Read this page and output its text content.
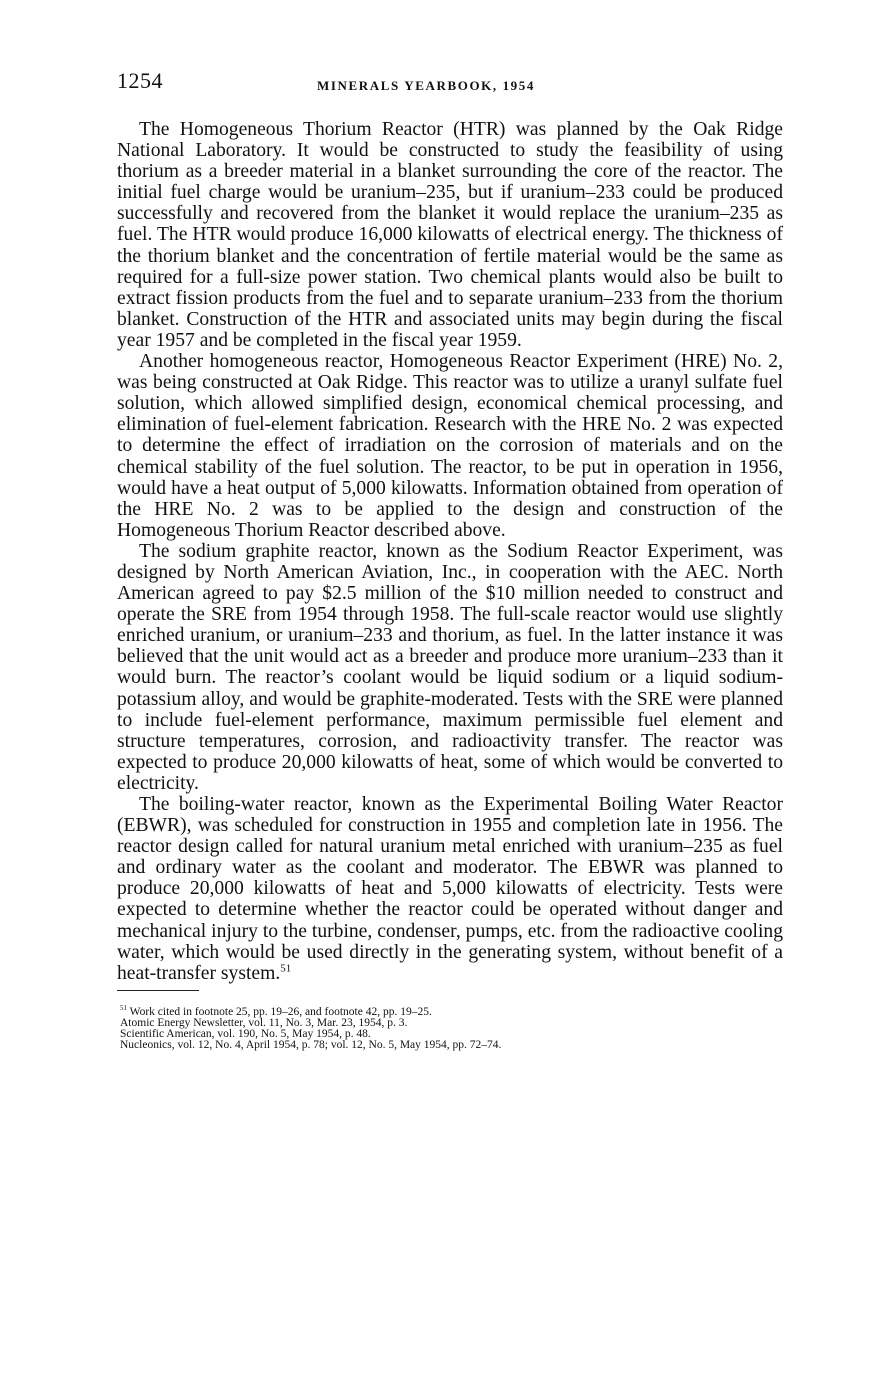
1254	MINERALS YEARBOOK, 1954

The Homogeneous Thorium Reactor (HTR) was planned by the Oak Ridge National Laboratory. It would be constructed to study the feasibility of using thorium as a breeder material in a blanket surrounding the core of the reactor. The initial fuel charge would be uranium–235, but if uranium–233 could be produced successfully and recovered from the blanket it would replace the uranium–235 as fuel. The HTR would produce 16,000 kilowatts of electrical energy. The thickness of the thorium blanket and the concentration of fertile material would be the same as required for a full-size power station. Two chemical plants would also be built to extract fission products from the fuel and to separate uranium–233 from the thorium blanket. Construction of the HTR and associated units may begin during the fiscal year 1957 and be completed in the fiscal year 1959.

Another homogeneous reactor, Homogeneous Reactor Experiment (HRE) No. 2, was being constructed at Oak Ridge. This reactor was to utilize a uranyl sulfate fuel solution, which allowed simplified design, economical chemical processing, and elimination of fuel-element fabrication. Research with the HRE No. 2 was expected to determine the effect of irradiation on the corrosion of materials and on the chemical stability of the fuel solution. The reactor, to be put in operation in 1956, would have a heat output of 5,000 kilowatts. Information obtained from operation of the HRE No. 2 was to be applied to the design and construction of the Homogeneous Thorium Reactor described above.

The sodium graphite reactor, known as the Sodium Reactor Experiment, was designed by North American Aviation, Inc., in cooperation with the AEC. North American agreed to pay $2.5 million of the $10 million needed to construct and operate the SRE from 1954 through 1958. The full-scale reactor would use slightly enriched uranium, or uranium–233 and thorium, as fuel. In the latter instance it was believed that the unit would act as a breeder and produce more uranium–233 than it would burn. The reactor’s coolant would be liquid sodium or a liquid sodium-potassium alloy, and would be graphite-moderated. Tests with the SRE were planned to include fuel-element performance, maximum permissible fuel element and structure temperatures, corrosion, and radioactivity transfer. The reactor was expected to produce 20,000 kilowatts of heat, some of which would be converted to electricity.

The boiling-water reactor, known as the Experimental Boiling Water Reactor (EBWR), was scheduled for construction in 1955 and completion late in 1956. The reactor design called for natural uranium metal enriched with uranium–235 as fuel and ordinary water as the coolant and moderator. The EBWR was planned to produce 20,000 kilowatts of heat and 5,000 kilowatts of electricity. Tests were expected to determine whether the reactor could be operated without danger and mechanical injury to the turbine, condenser, pumps, etc. from the radioactive cooling water, which would be used directly in the generating system, without benefit of a heat-transfer system.$^{51}$

$^{51}$ Work cited in footnote 25, pp. 19–26, and footnote 42, pp. 19–25.

Atomic Energy Newsletter, vol. 11, No. 3, Mar. 23, 1954, p. 3.

Scientific American, vol. 190, No. 5, May 1954, p. 48.

Nucleonics, vol. 12, No. 4, April 1954, p. 78; vol. 12, No. 5, May 1954, pp. 72–74.
